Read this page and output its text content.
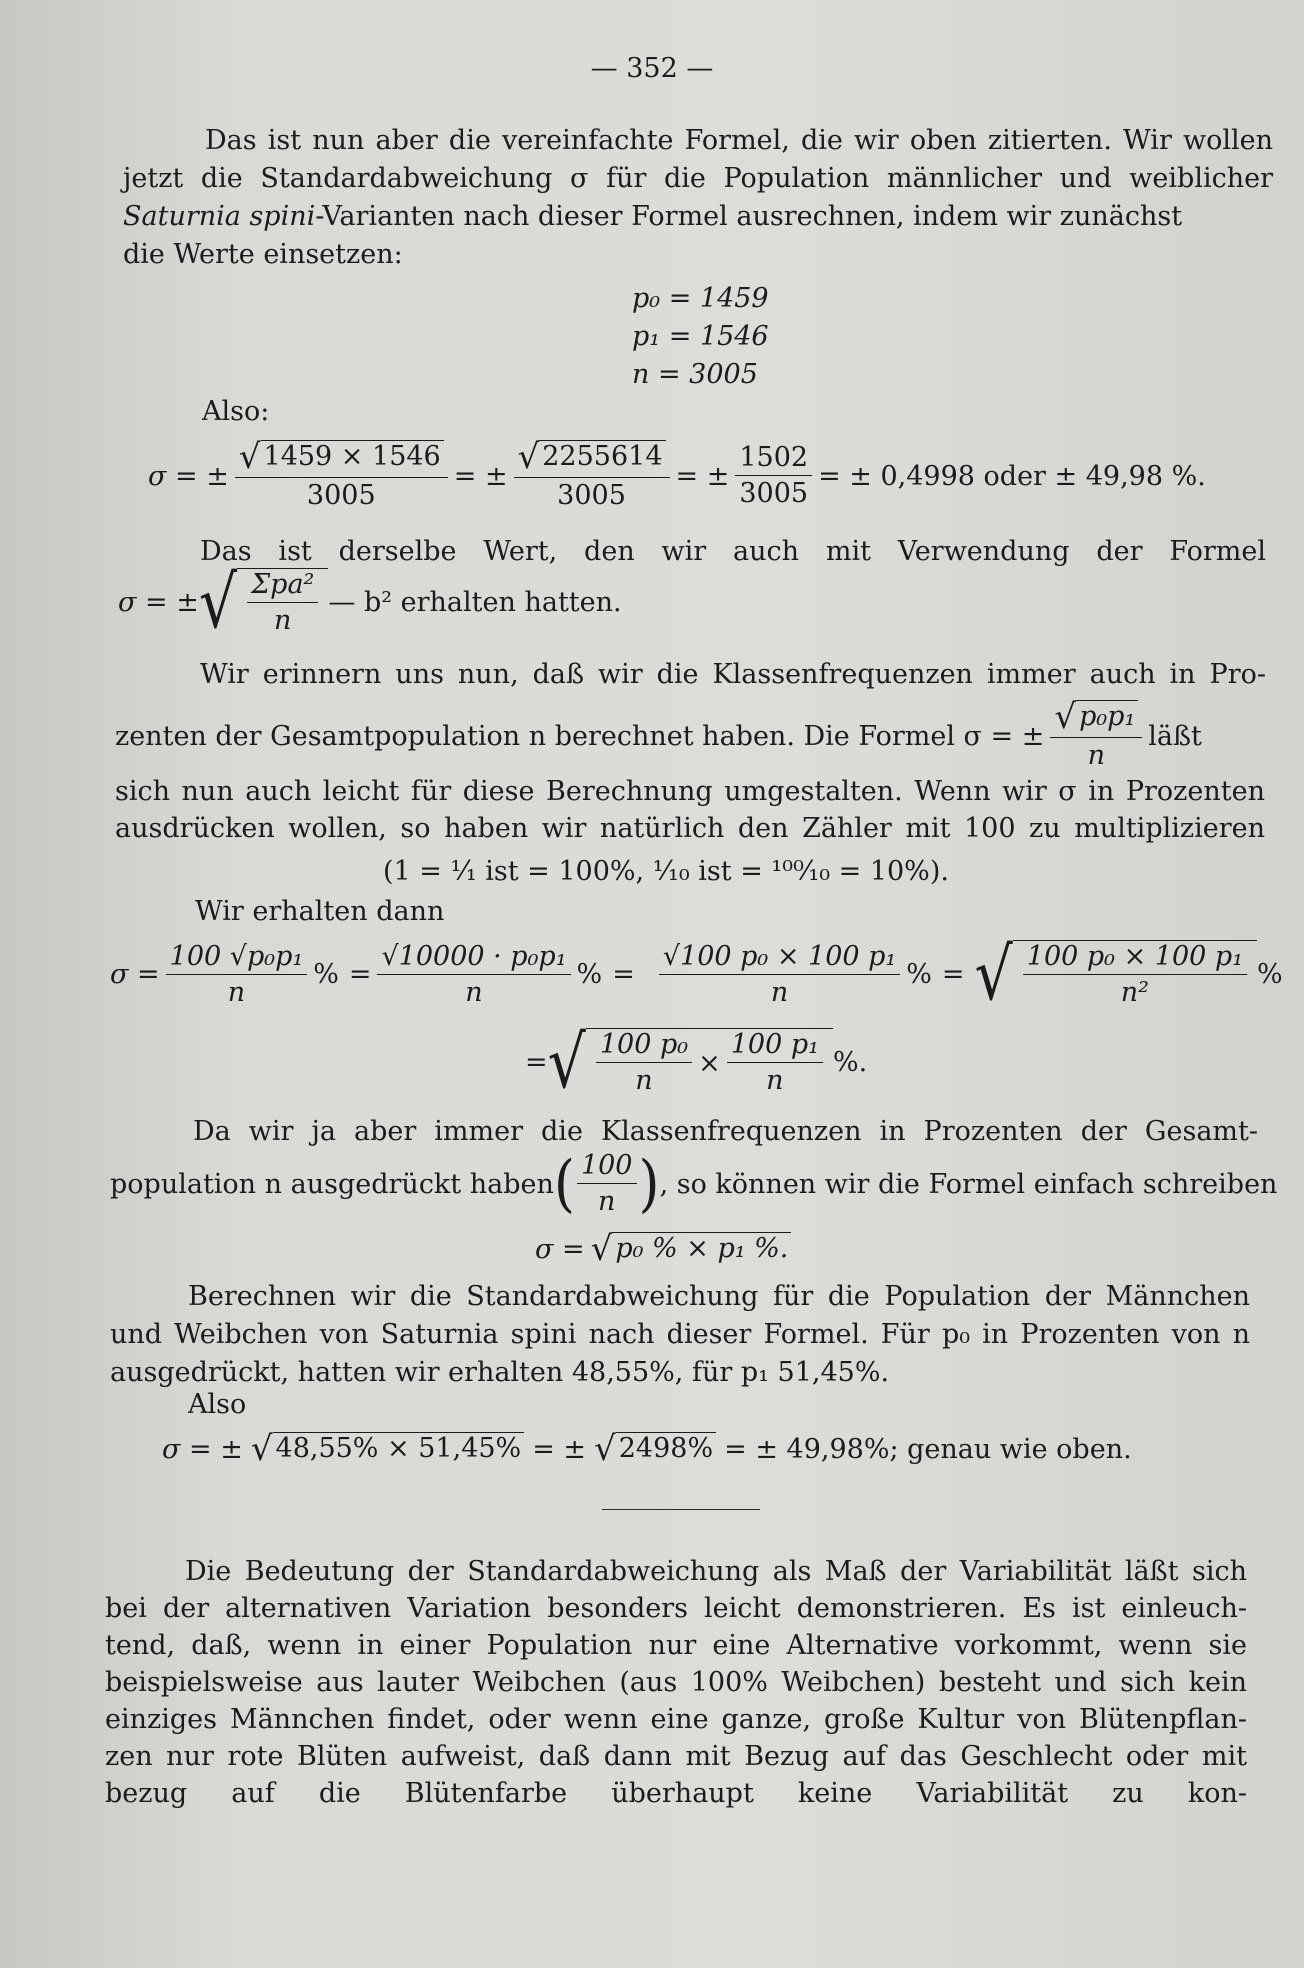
— 352 —
Das ist nun aber die vereinfachte Formel, die wir oben zitierten. Wir wollen
jetzt die Standardabweichung σ für die Population männlicher und weiblicher
Saturnia spini-Varianten nach dieser Formel ausrechnen, indem wir zunächst
die Werte einsetzen:
p₀ = 1459
p₁ = 1546
n = 3005
Also:
σ = ± $\frac{√ 1459 \times 1546}{3005}$ = ± $\frac{√ 2255614}{3005}$ = ± $\frac{1502}{3005}$ = ± 0,4998 oder ± 49,98 %.
Das ist derselbe Wert, den wir auch mit Verwendung der Formel
σ = ± √ $\frac{\text{Σpa²}}{n}$ — b² erhalten hatten.
Wir erinnern uns nun, daß wir die Klassenfrequenzen immer auch in Pro-
zenten der Gesamtpopulation n berechnet haben. Die Formel σ = ± $\frac{\text{√ p₀p₁}}{n}$ läßt
sich nun auch leicht für diese Berechnung umgestalten. Wenn wir σ in Prozenten
ausdrücken wollen, so haben wir natürlich den Zähler mit 100 zu multiplizieren
(1 = ¹⁄₁ ist = 100%, ¹⁄₁₀ ist = ¹⁰⁰⁄₁₀ = 10%).
Wir erhalten dann
$\sigma = \frac{\text{100 √p₀p₁}}{n}$ % = $\frac{\text{√10000 · p₀p₁}}{n}$ % = $\frac{\text{√100 p₀ × 100 p₁}}{n}$ % = √ $\frac{\text{100 p₀ × 100 p₁}}{\text{n²}}$ %
= √ $\frac{\text{100 p₀}}{n} \times \frac{\text{100 p₁}}{n}$ %.
Da wir ja aber immer die Klassenfrequenzen in Prozenten der Gesamt-
population n ausgedrückt haben ( $\frac{100}{n}$ ) , so können wir die Formel einfach schreiben
σ = √ p₀ % × p₁ %.
Berechnen wir die Standardabweichung für die Population der Männchen
und Weibchen von Saturnia spini nach dieser Formel. Für p₀ in Prozenten von n
ausgedrückt, hatten wir erhalten 48,55%, für p₁ 51,45%.
Also
σ = ± √ 48,55% × 51,45% = ± √ 2498% = ± 49,98%; genau wie oben.
Die Bedeutung der Standardabweichung als Maß der Variabilität läßt sich
bei der alternativen Variation besonders leicht demonstrieren. Es ist einleuch-
tend, daß, wenn in einer Population nur eine Alternative vorkommt, wenn sie
beispielsweise aus lauter Weibchen (aus 100% Weibchen) besteht und sich kein
einziges Männchen findet, oder wenn eine ganze, große Kultur von Blütenpflan-
zen nur rote Blüten aufweist, daß dann mit Bezug auf das Geschlecht oder mit
bezug auf die Blütenfarbe überhaupt keine Variabilität zu kon-
